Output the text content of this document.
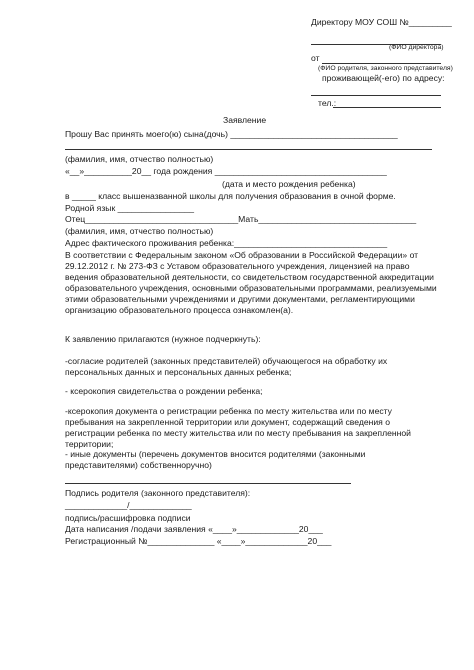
Директору МОУ СОШ №_________
(ФИО директора)
от
(ФИО родителя, законного представителя)
проживающей(-его) по адресу:
тел.:
Заявление
Прошу Вас принять моего(ю) сына(дочь) ___________________________________
(фамилия, имя, отчество полностью)
«__»__________20__ года рождения ____________________________________
(дата и место рождения ребенка)
в _____ класс вышеназванной школы для получения образования в очной форме.
Родной язык ________________
Отец________________________________Мать_________________________________
(фамилия, имя, отчество полностью)
Адрес фактического проживания ребенка:________________________________
В соответствии с Федеральным законом «Об образовании в Российской Федерации» от 29.12.2012 г. № 273-ФЗ с Уставом образовательного учреждения, лицензией на право ведения образовательной деятельности, со свидетельством государственной аккредитации образовательного учреждения, основными образовательными программами, реализуемыми этими образовательными учреждениями и другими документами, регламентирующими организацию образовательного процесса ознакомлен(а).
К заявлению прилагаются (нужное подчеркнуть):
-согласие родителей (законных представителей) обучающегося на обработку их персональных данных и персональных данных ребенка;
- ксерокопия свидетельства о рождении ребенка;
-ксерокопия документа о регистрации ребенка по месту жительства или по месту пребывания на закрепленной территории или документ, содержащий сведения о регистрации ребенка по месту жительства или по месту пребывания на закрепленной территории;
- иные документы (перечень документов вносится родителями (законными представителями) собственноручно)
Подпись родителя (законного представителя):
_____________/_____________
подпись/расшифровка подписи
Дата написания /подачи заявления «____»_____________20___
Регистрационный №______________ «____»_____________20___
